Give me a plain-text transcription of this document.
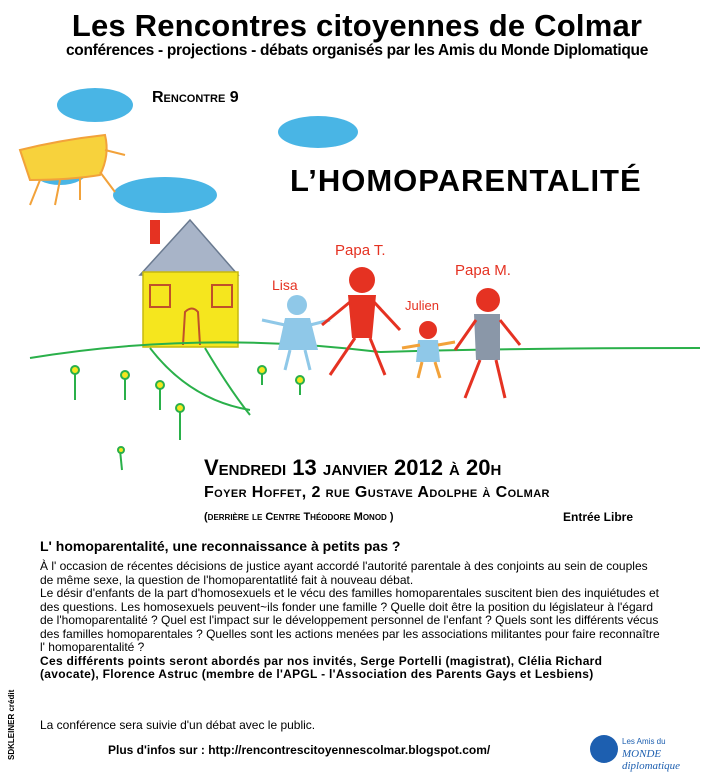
Les Rencontres citoyennes de Colmar
conférences - projections - débats organisés par les Amis du Monde Diplomatique
Lisa
Papa T.
Julien
Papa M.
Rencontre 9
L’HOMOPARENTALITÉ
Vendredi 13 janvier 2012 à 20h
Foyer Hoffet, 2 rue Gustave Adolphe à Colmar
(derrière le Centre Théodore Monod )	Entrée Libre
L' homoparentalité, une reconnaissance à petits pas ?

À l' occasion de récentes décisions de justice ayant accordé l'autorité parentale à des conjoints au sein de couples de même sexe, la question de l'homoparentatlité fait à nouveau débat.

Le désir d'enfants de la part d'homosexuels et le vécu des familles homoparentales suscitent bien des inquiétudes et des questions. Les homosexuels peuvent~ils fonder une famille ? Quelle doit être la position du législateur à l'égard de l'homoparentalité ? Quel est l'impact sur le développement personnel de l'enfant ? Quels sont les différents vécus des familles homoparentales ? Quelles sont les actions menées par les associations militantes pour faire reconnaître l' homoparentalité ?

Ces différents points seront abordés par nos invités, Serge Portelli (magistrat), Clélia Richard (avocate), Florence Astruc (membre de l'APGL - l'Association des Parents Gays et Lesbiens)

La conférence sera suivie d'un débat avec le public.
Plus d'infos sur : http://rencontrescitoyennescolmar.blogspot.com/
SDKLEINER crédit	Les Amis du
MONDE diplomatique
